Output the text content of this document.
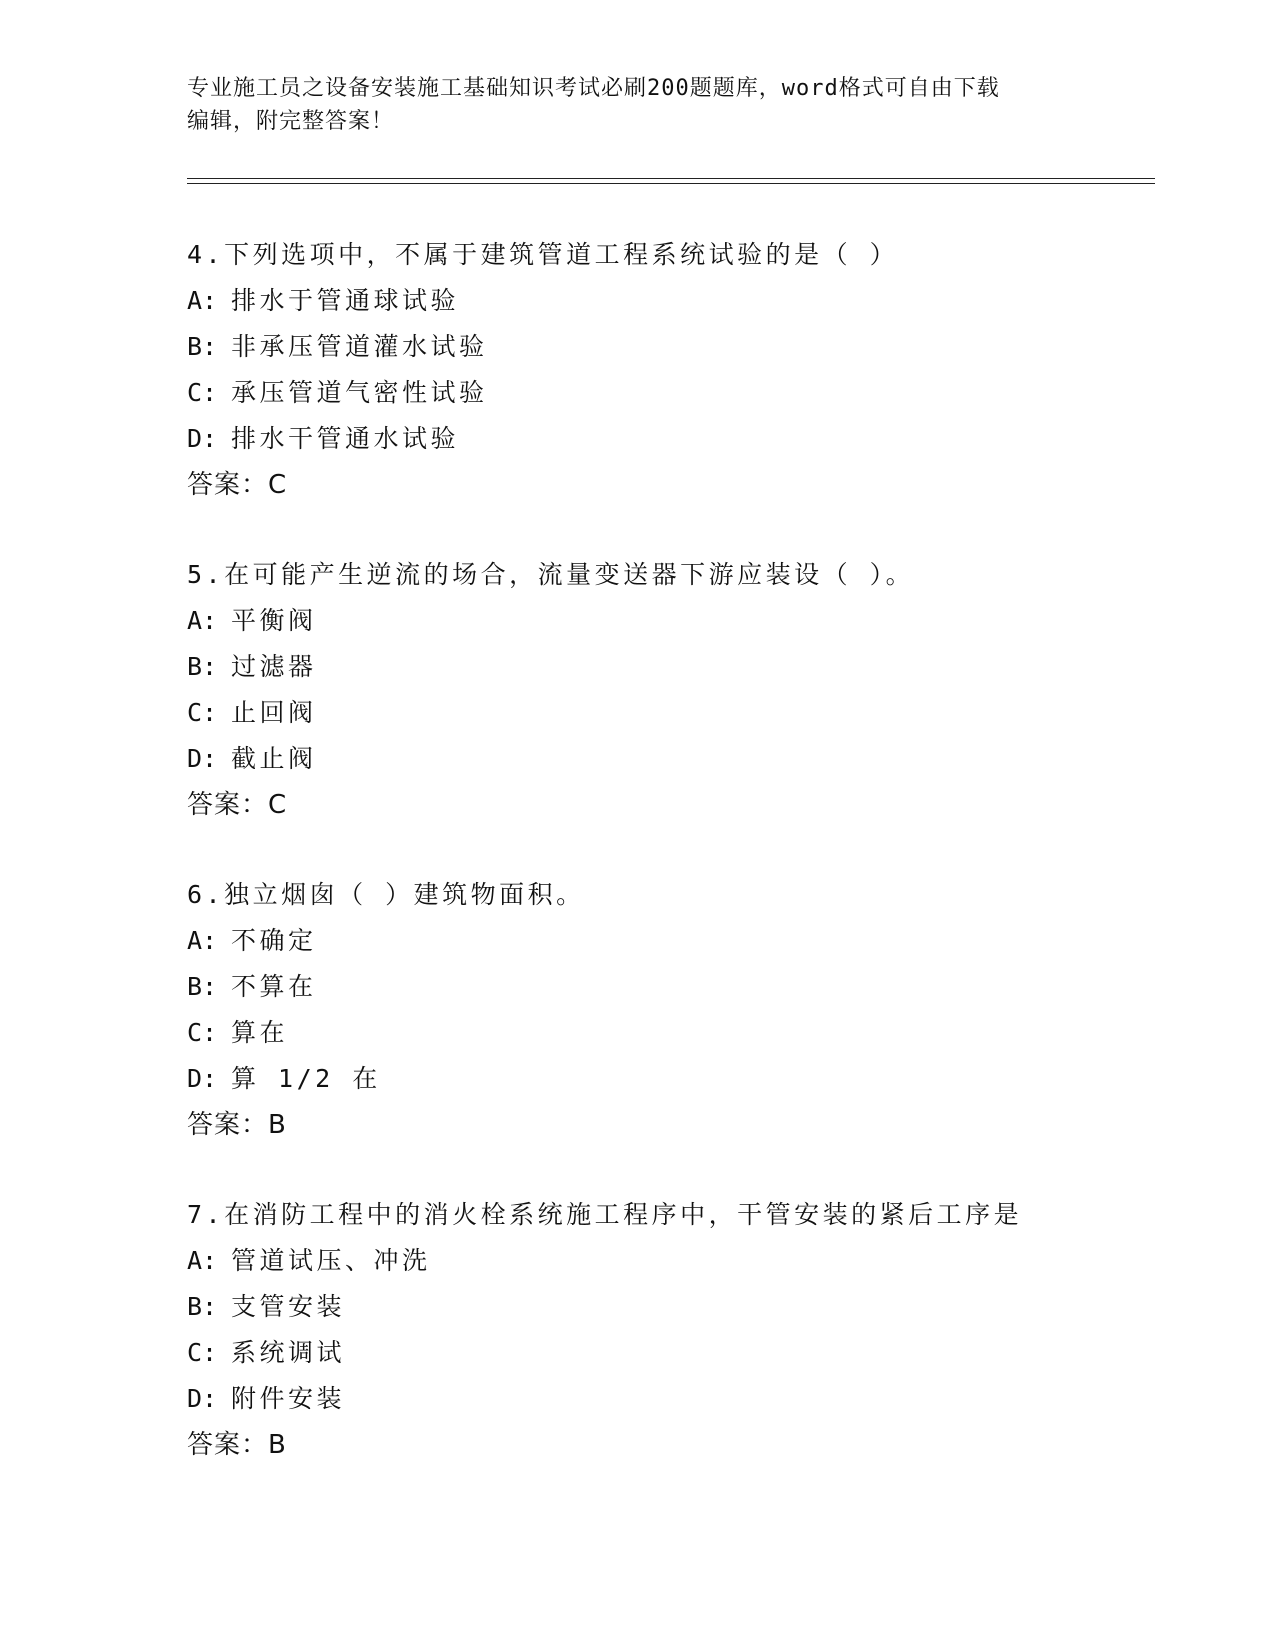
专业施工员之设备安装施工基础知识考试必刷200题题库，word格式可自由下载
编辑，附完整答案！
4.下列选项中，不属于建筑管道工程系统试验的是（ ）
A: 排水于管通球试验
B: 非承压管道灌水试验
C: 承压管道气密性试验
D: 排水干管通水试验
答案：C
5.在可能产生逆流的场合，流量变送器下游应装设（ ）。
A: 平衡阀
B: 过滤器
C: 止回阀
D: 截止阀
答案：C
6.独立烟囱（ ）建筑物面积。
A: 不确定
B: 不算在
C: 算在
D: 算 1/2 在
答案：B
7.在消防工程中的消火栓系统施工程序中，干管安装的紧后工序是
A: 管道试压、冲洗
B: 支管安装
C: 系统调试
D: 附件安装
答案：B
